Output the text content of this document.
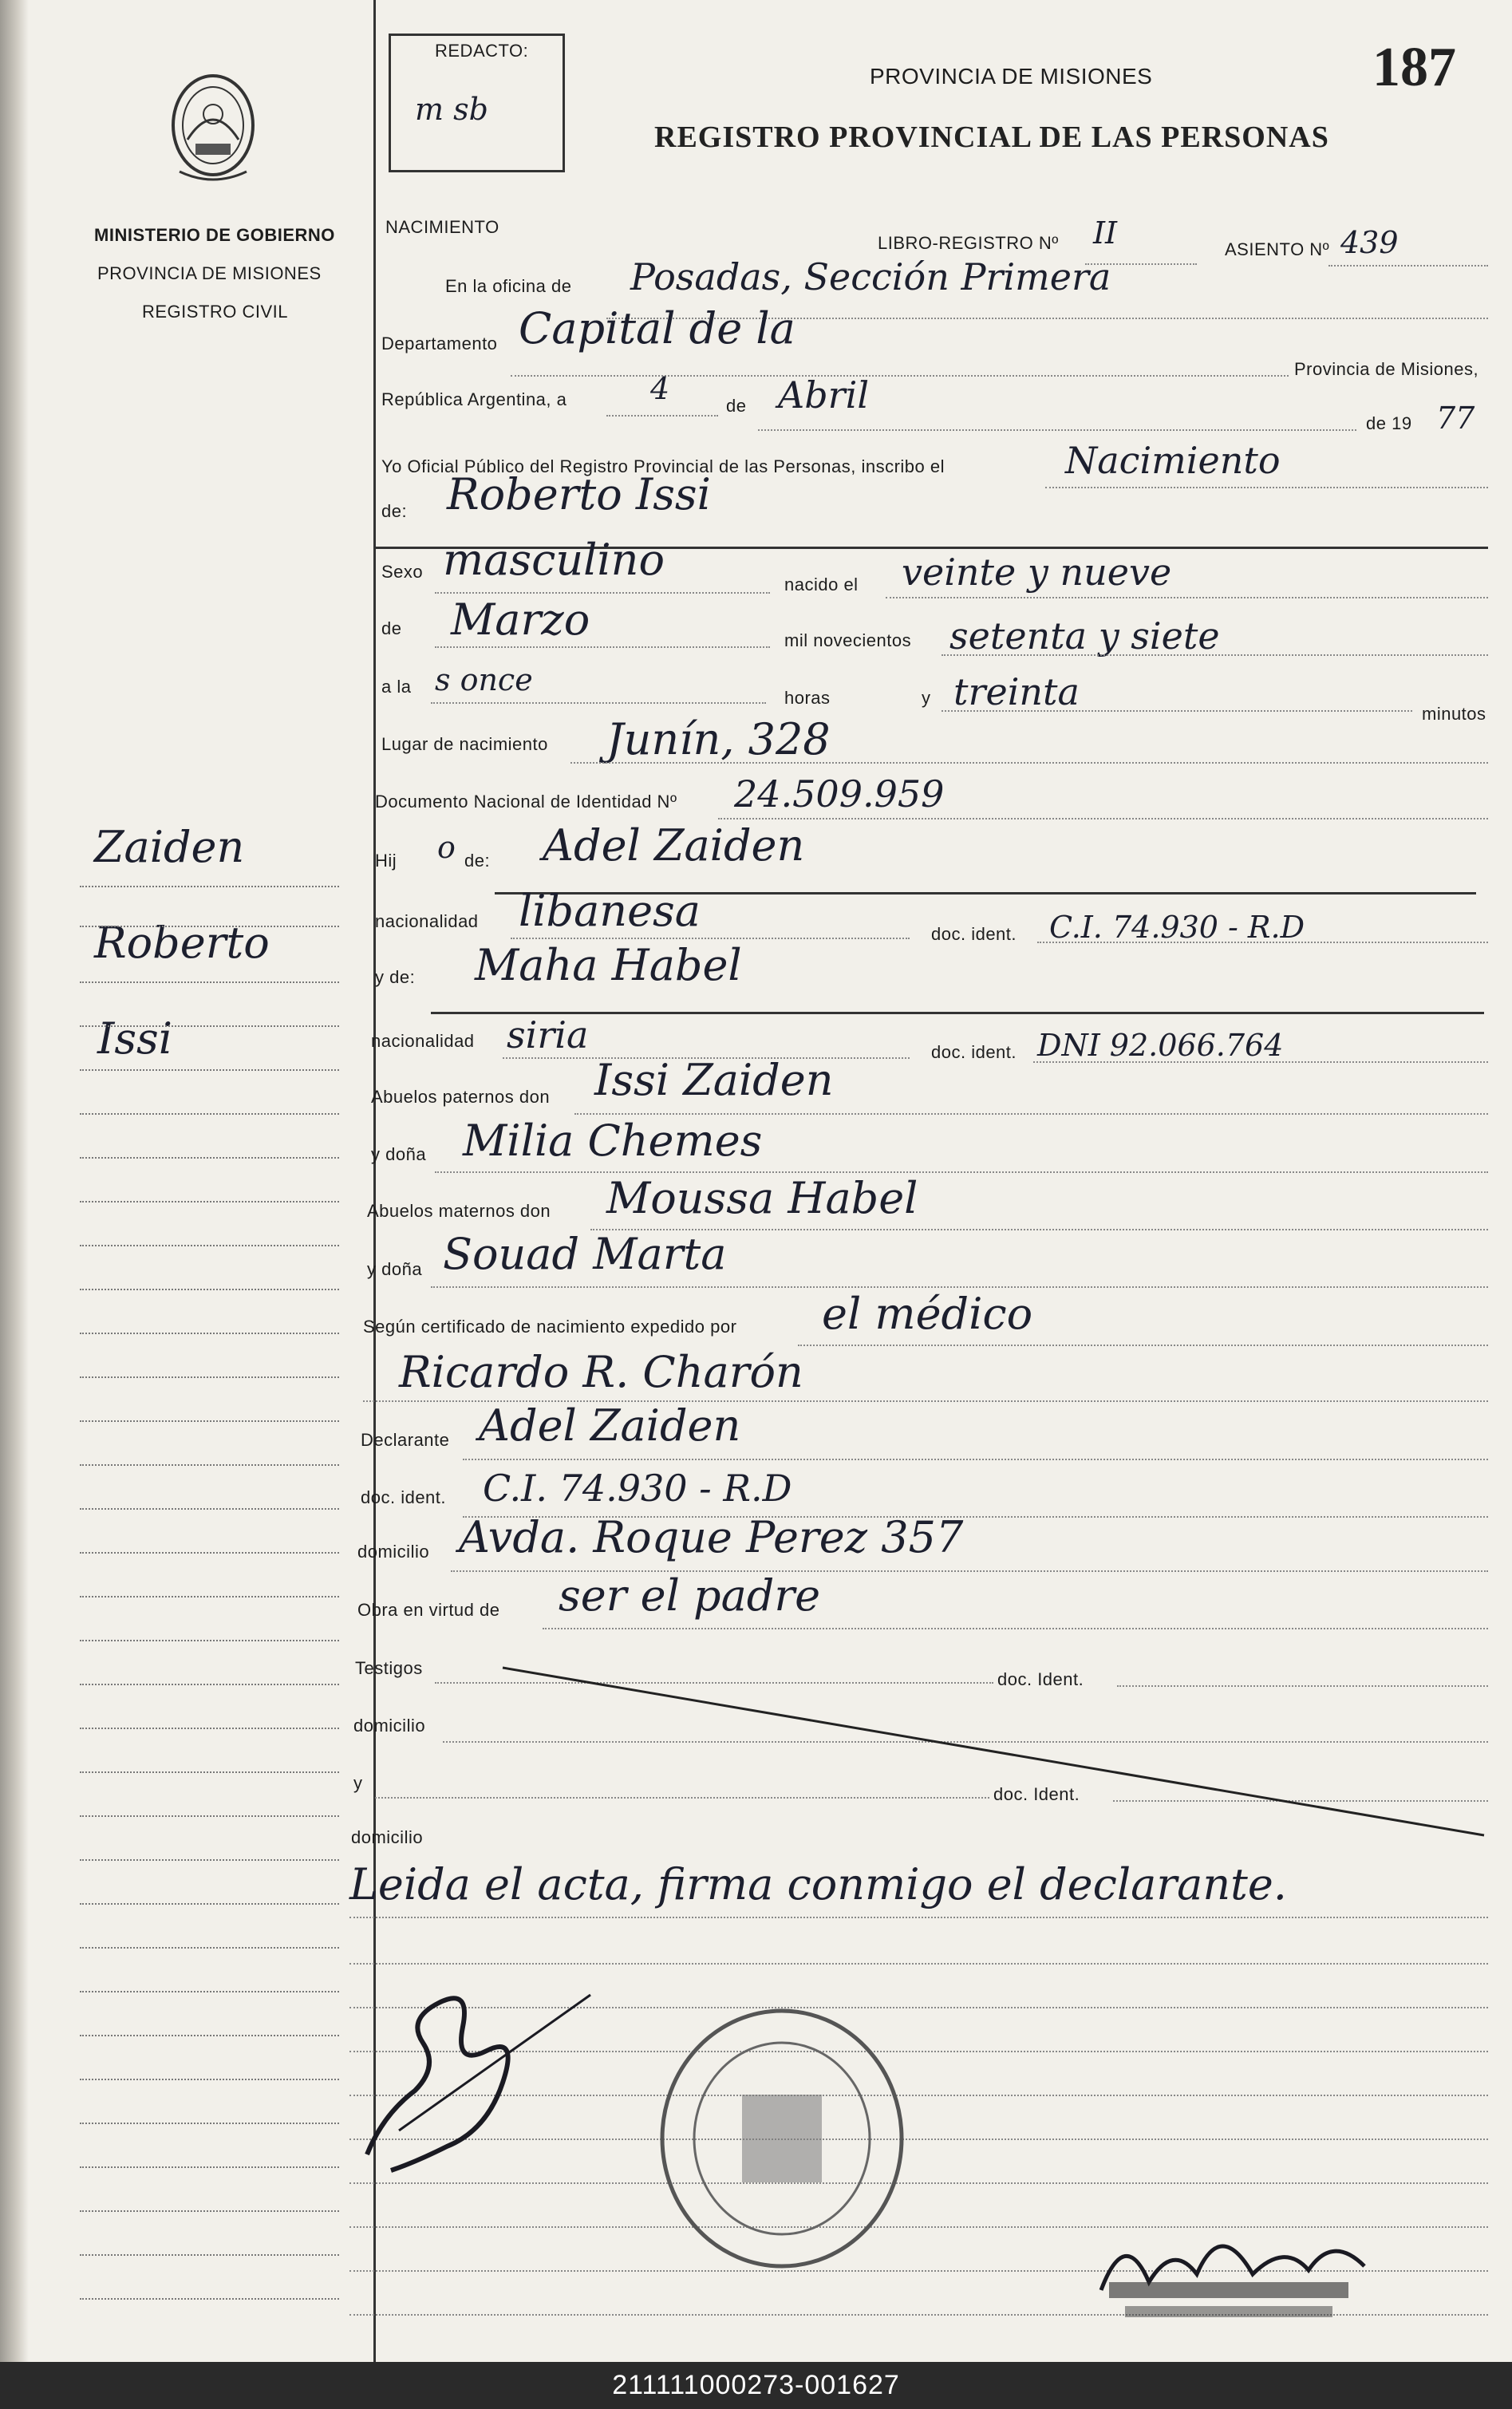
MINISTERIO DE GOBIERNO
PROVINCIA DE MISIONES
REGISTRO CIVIL
REDACTO:
m sb
PROVINCIA DE MISIONES	187
REGISTRO PROVINCIAL DE LAS PERSONAS
Zaiden
Roberto
Issi
NACIMIENTO
LIBRO-REGISTRO Nº II	ASIENTO Nº 439
En la oficina de Posadas, Sección Primera
Departamento Capital de la
Provincia de Misiones,
República Argentina, a	4	de Abril
de 19 77
Yo Oficial Público del Registro Provincial de las Personas, inscribo el	Nacimiento
de: Roberto Issi
Sexo masculino	nacido el veinte y nueve
de Marzo	mil novecientos setenta y siete
a la s once
horas	y treinta
minutos
Lugar de nacimiento Junín, 328
Documento Nacional de Identidad Nº 24.509.959
Hij o de: Adel Zaiden
nacionalidad libanesa	doc. ident. C.I. 74.930 - R.D
y de: Maha Habel
nacionalidad siria	doc. ident. DNI 92.066.764
Abuelos paternos don Issi Zaiden
y doña Milia Chemes
Abuelos maternos don Moussa Habel
y doña Souad Marta
Según certificado de nacimiento expedido por el médico
Ricardo R. Charón
Declarante Adel Zaiden
doc. ident. C.I. 74.930 - R.D
domicilio Avda. Roque Perez 357
Obra en virtud de ser el padre
Testigos
doc. Ident.
domicilio
y
doc. Ident.
domicilio
Leida el acta, firma conmigo el declarante.
211111000273-001627
